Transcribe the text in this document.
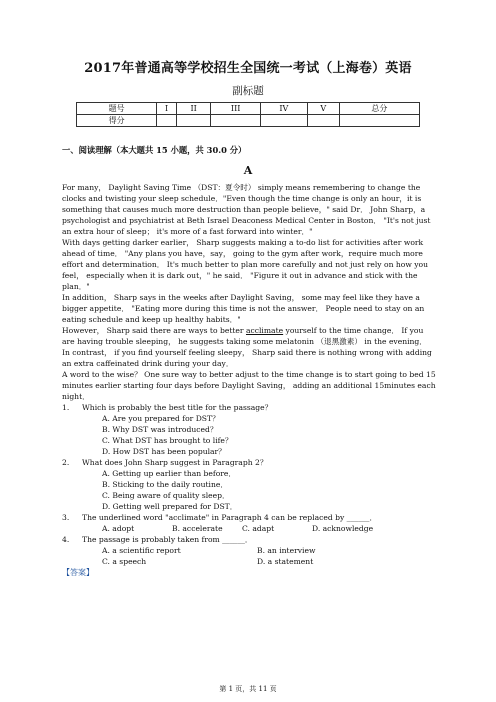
2017年普通高等学校招生全国统一考试（上海卷）英语
副标题
题号	I	II	III	IV	V	总分
得分						
一、阅读理解（本大题共 15 小题，共 30.0 分）
A

For many， Daylight Saving Time （DST：夏令时） simply means remembering to change the clocks and twisting your sleep schedule．"Even though the time change is only an hour，it is something that causes much more destruction than people believe，" said Dr． John Sharp，a psychologist and psychiatrist at Beth Israel Deaconess Medical Center in Boston． "It's not just an extra hour of sleep； it's more of a fast forward into winter．"

With days getting darker earlier， Sharp suggests making a to-do list for activities after work ahead of time． "Any plans you have，say， going to the gym after work，require much more effort and determination． It's much better to plan more carefully and not just rely on how you feel， especially when it is dark out，" he said． "Figure it out in advance and stick with the plan．"

In addition， Sharp says in the weeks after Daylight Saving， some may feel like they have a bigger appetite． "Eating more during this time is not the answer． People need to stay on an eating schedule and keep up healthy habits．"

However， Sharp said there are ways to better acclimate yourself to the time change． If you are having trouble sleeping， he suggests taking some melatonin （退黑激素） in the evening． In contrast， if you find yourself feeling sleepy， Sharp said there is nothing wrong with adding an extra caffeinated drink during your day．

A word to the wise？ One sure way to better adjust to the time change is to start going to bed 15 minutes earlier starting four days before Daylight Saving， adding an additional 15minutes each night．

1.	Which is probably the best title for the passage？
A. Are you prepared for DST？
B. Why DST was introduced？
C. What DST has brought to life？
D. How DST has been popular？
2.	What does John Sharp suggest in Paragraph 2？
A. Getting up earlier than before．
B. Sticking to the daily routine．
C. Being aware of quality sleep．
D. Getting well prepared for DST．
3.	The underlined word "acclimate" in Paragraph 4 can be replaced by ______．
A. adopt	B. accelerate	C. adapt	D. acknowledge
4.	The passage is probably taken from ______．
A. a scientific report	B. an interview
C. a speech	D. a statement
【答案】
第 1 页，共 11 页
